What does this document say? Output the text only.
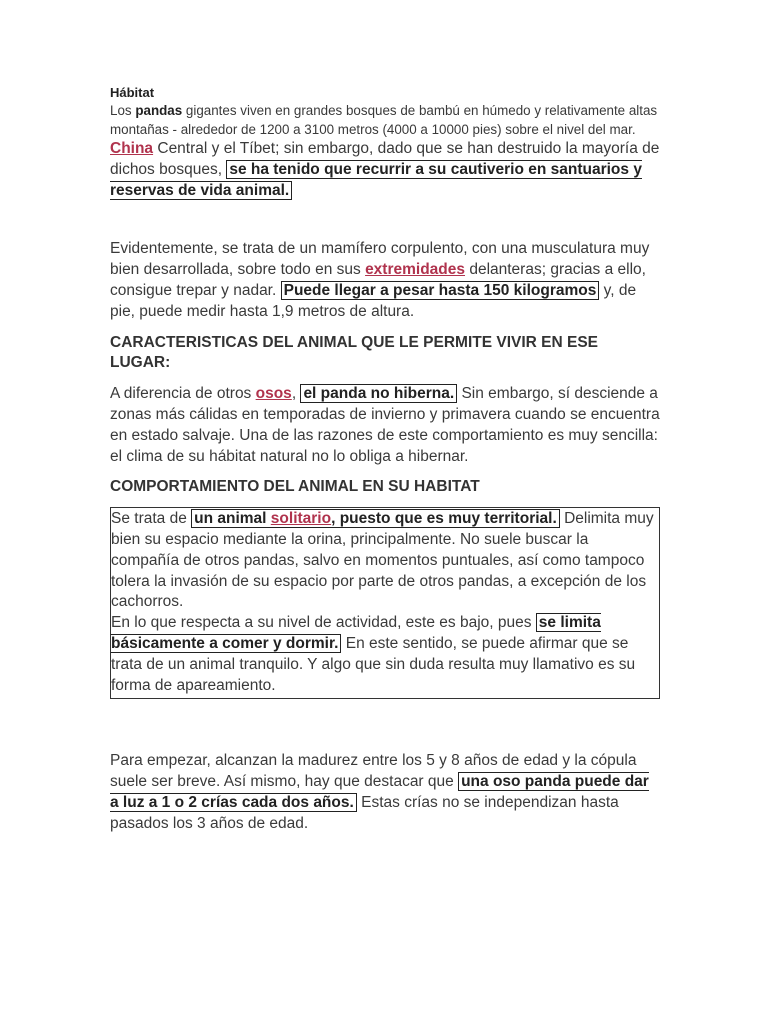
Hábitat

Los pandas gigantes viven en grandes bosques de bambú en húmedo y relativamente altas montañas - alrededor de 1200 a 3100 metros (4000 a 10000 pies) sobre el nivel del mar. China Central y el Tíbet; sin embargo, dado que se han destruido la mayoría de dichos bosques, se ha tenido que recurrir a su cautiverio en santuarios y reservas de vida animal.
Evidentemente, se trata de un mamífero corpulento, con una musculatura muy bien desarrollada, sobre todo en sus extremidades delanteras; gracias a ello, consigue trepar y nadar. Puede llegar a pesar hasta 150 kilogramos y, de pie, puede medir hasta 1,9 metros de altura.

CARACTERISTICAS DEL ANIMAL QUE LE PERMITE VIVIR EN ESE LUGAR:

A diferencia de otros osos, el panda no hiberna. Sin embargo, sí desciende a zonas más cálidas en temporadas de invierno y primavera cuando se encuentra en estado salvaje. Una de las razones de este comportamiento es muy sencilla: el clima de su hábitat natural no lo obliga a hibernar.

COMPORTAMIENTO DEL ANIMAL EN SU HABITAT

Se trata de un animal solitario, puesto que es muy territorial. Delimita muy bien su espacio mediante la orina, principalmente. No suele buscar la compañía de otros pandas, salvo en momentos puntuales, así como tampoco tolera la invasión de su espacio por parte de otros pandas, a excepción de los cachorros.
En lo que respecta a su nivel de actividad, este es bajo, pues se limita básicamente a comer y dormir. En este sentido, se puede afirmar que se trata de un animal tranquilo. Y algo que sin duda resulta muy llamativo es su forma de apareamiento.
Para empezar, alcanzan la madurez entre los 5 y 8 años de edad y la cópula suele ser breve. Así mismo, hay que destacar que una oso panda puede dar a luz a 1 o 2 crías cada dos años. Estas crías no se independizan hasta pasados los 3 años de edad.
